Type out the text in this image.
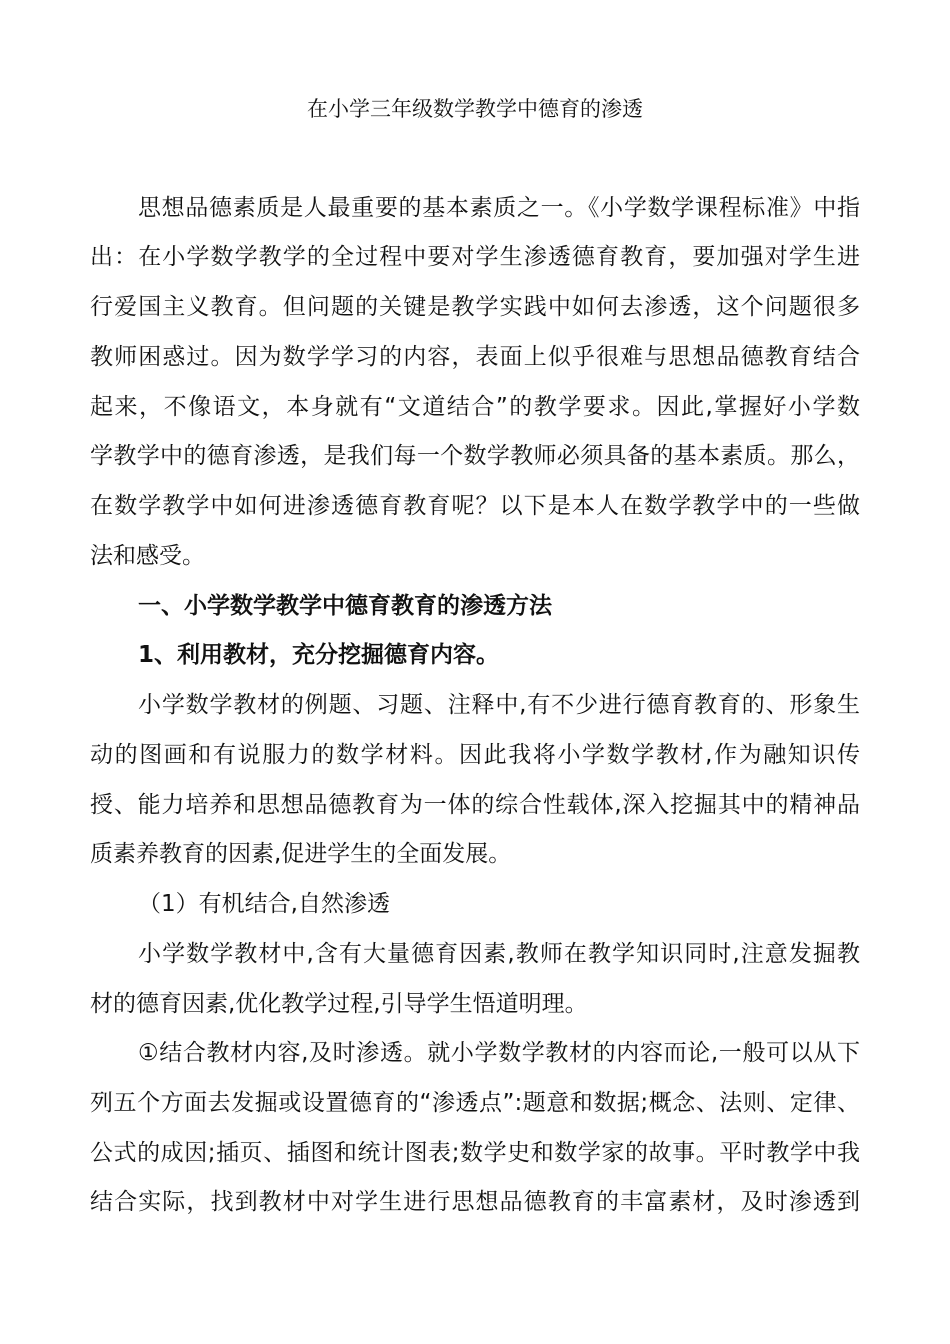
在小学三年级数学教学中德育的渗透
思想品德素质是人最重要的基本素质之一。《小学数学课程标准》中指
出：在小学数学教学的全过程中要对学生渗透德育教育，要加强对学生进
行爱国主义教育。但问题的关键是教学实践中如何去渗透，这个问题很多
教师困惑过。因为数学学习的内容，表面上似乎很难与思想品德教育结合
起来，不像语文，本身就有“文道结合”的教学要求。因此,掌握好小学数
学教学中的德育渗透，是我们每一个数学教师必须具备的基本素质。那么，
在数学教学中如何进渗透德育教育呢？以下是本人在数学教学中的一些做
法和感受。
一、小学数学教学中德育教育的渗透方法
1、利用教材，充分挖掘德育内容。
小学数学教材的例题、习题、注释中,有不少进行德育教育的、形象生
动的图画和有说服力的数学材料。因此我将小学数学教材,作为融知识传
授、能力培养和思想品德教育为一体的综合性载体,深入挖掘其中的精神品
质素养教育的因素,促进学生的全面发展。
（1）有机结合,自然渗透
小学数学教材中,含有大量德育因素,教师在教学知识同时,注意发掘教
材的德育因素,优化教学过程,引导学生悟道明理。
①结合教材内容,及时渗透。就小学数学教材的内容而论,一般可以从下
列五个方面去发掘或设置德育的“渗透点”:题意和数据;概念、法则、定律、
公式的成因;插页、插图和统计图表;数学史和数学家的故事。平时教学中我
结合实际，找到教材中对学生进行思想品德教育的丰富素材，及时渗透到
